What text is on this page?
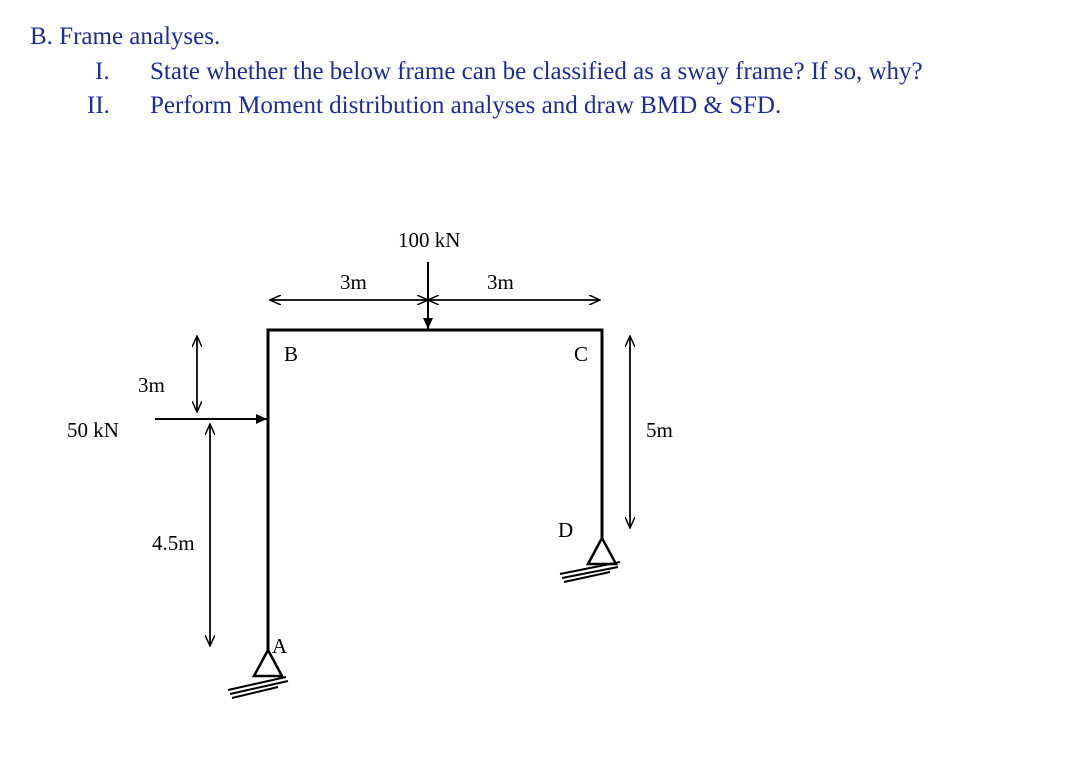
B. Frame analyses.
I. State whether the below frame can be classified as a sway frame? If so, why?
II. Perform Moment distribution analyses and draw BMD & SFD.
100 kN
3m	3m
B	C
D
A
3m
50 kN
4.5m
5m
